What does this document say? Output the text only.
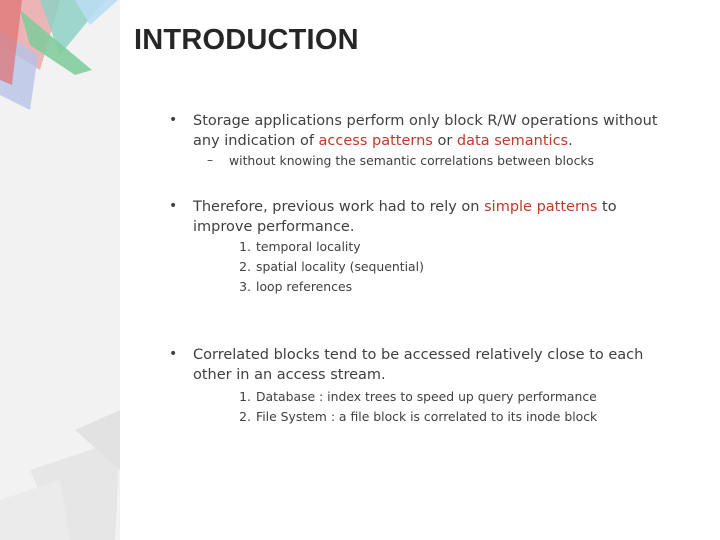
INTRODUCTION
• Storage applications perform only block R/W operations without any indication of access patterns or data semantics.
– without knowing the semantic correlations between blocks
• Therefore, previous work had to rely on simple patterns to improve performance.
1. temporal locality
2. spatial locality (sequential)
3. loop references
• Correlated blocks tend to be accessed relatively close to each other in an access stream.
1. Database : index trees to speed up query performance
2. File System : a file block is correlated to its inode block
